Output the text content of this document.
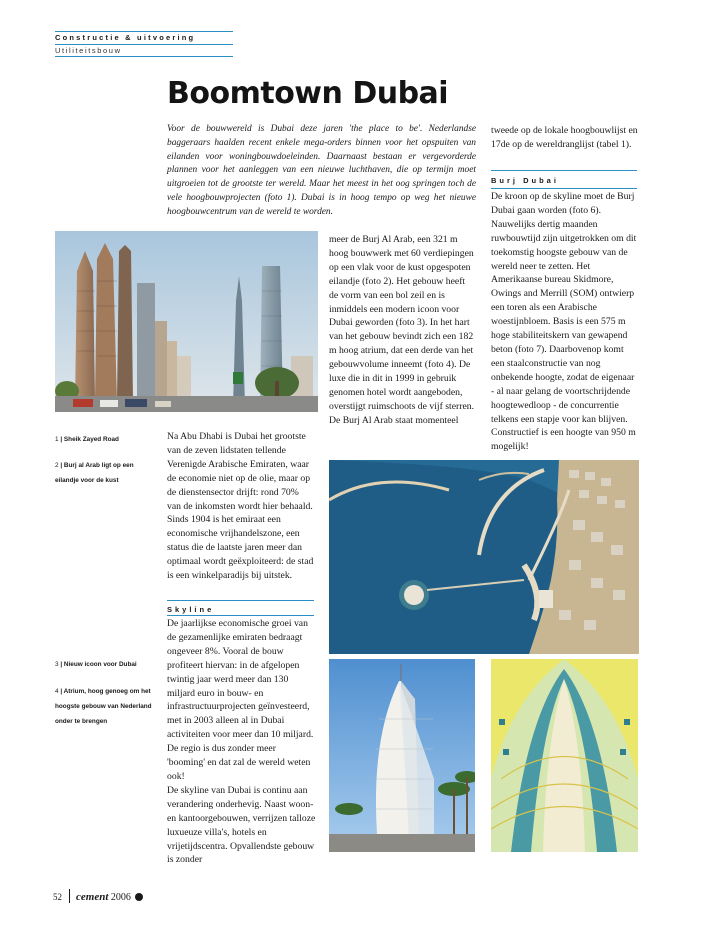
Constructie & uitvoering
Utiliteitsbouw
Boomtown Dubai
Voor de bouwwereld is Dubai deze jaren 'the place to be'. Nederlandse baggeraars haalden recent enkele mega-orders binnen voor het opspuiten van eilanden voor woningbouwdoeleinden. Daarnaast bestaan er vergevorderde plannen voor het aanleggen van een nieuwe luchthaven, die op termijn moet uitgroeien tot de grootste ter wereld. Maar het meest in het oog springen toch de vele hoogbouwprojecten (foto 1). Dubai is in hoog tempo op weg het nieuwe hoogbouwcentrum van de wereld te worden.
tweede op de lokale hoogbouwlijst en 17de op de wereldranglijst (tabel 1).
Burj Dubai
De kroon op de skyline moet de Burj Dubai gaan worden (foto 6). Nauwelijks dertig maanden ruwbouwtijd zijn uitgetrokken om dit toekomstig hoogste gebouw van de wereld neer te zetten. Het Amerikaanse bureau Skidmore, Owings and Merrill (SOM) ontwierp een toren als een Arabische woestijnbloem. Basis is een 575 m hoge stabiliteitskern van gewapend beton (foto 7). Daarbovenop komt een staalconstructie van nog onbekende hoogte, zodat de eigenaar - al naar gelang de voortschrijdende hoogtewedloop - de concurrentie telkens een stapje voor kan blijven. Constructief is een hoogte van 950 m mogelijk!
1 | Sheik Zayed Road
2 | Burj al Arab ligt op een eilandje voor de kust
3 | Nieuw icoon voor Dubai
4 | Atrium, hoog genoeg om het hoogste gebouw van Nederland onder te brengen
Na Abu Dhabi is Dubai het grootste van de zeven lidstaten tellende Verenigde Arabische Emiraten, waar de economie niet op de olie, maar op de dienstensector drijft: rond 70% van de inkomsten wordt hier behaald. Sinds 1904 is het emiraat een economische vrijhandelszone, een status die de laatste jaren meer dan optimaal wordt geëxploiteerd: de stad is een winkelparadijs bij uitstek.
Skyline

De jaarlijkse economische groei van de gezamenlijke emiraten bedraagt ongeveer 8%. Vooral de bouw profiteert hiervan: in de afgelopen twintig jaar werd meer dan 130 miljard euro in bouw- en infrastructuurprojecten geïnvesteerd, met in 2003 alleen al in Dubai activiteiten voor meer dan 10 miljard. De regio is dus zonder meer 'booming' en dat zal de wereld weten ook!

De skyline van Dubai is continu aan verandering onderhevig. Naast woon- en kantoorgebouwen, verrijzen talloze luxueuze villa's, hotels en vrijetijdscentra. Opvallendste gebouw is zonder

meer de Burj Al Arab, een 321 m hoog bouwwerk met 60 verdiepingen op een vlak voor de kust opgespoten eilandje (foto 2). Het gebouw heeft de vorm van een bol zeil en is inmiddels een modern icoon voor Dubai geworden (foto 3). In het hart van het gebouw bevindt zich een 182 m hoog atrium, dat een derde van het gebouwvolume inneemt (foto 4). De luxe die in dit in 1999 in gebruik genomen hotel wordt aangeboden, overstijgt ruimschoots de vijf sterren.

De Burj Al Arab staat momenteel

52 cement 2006
